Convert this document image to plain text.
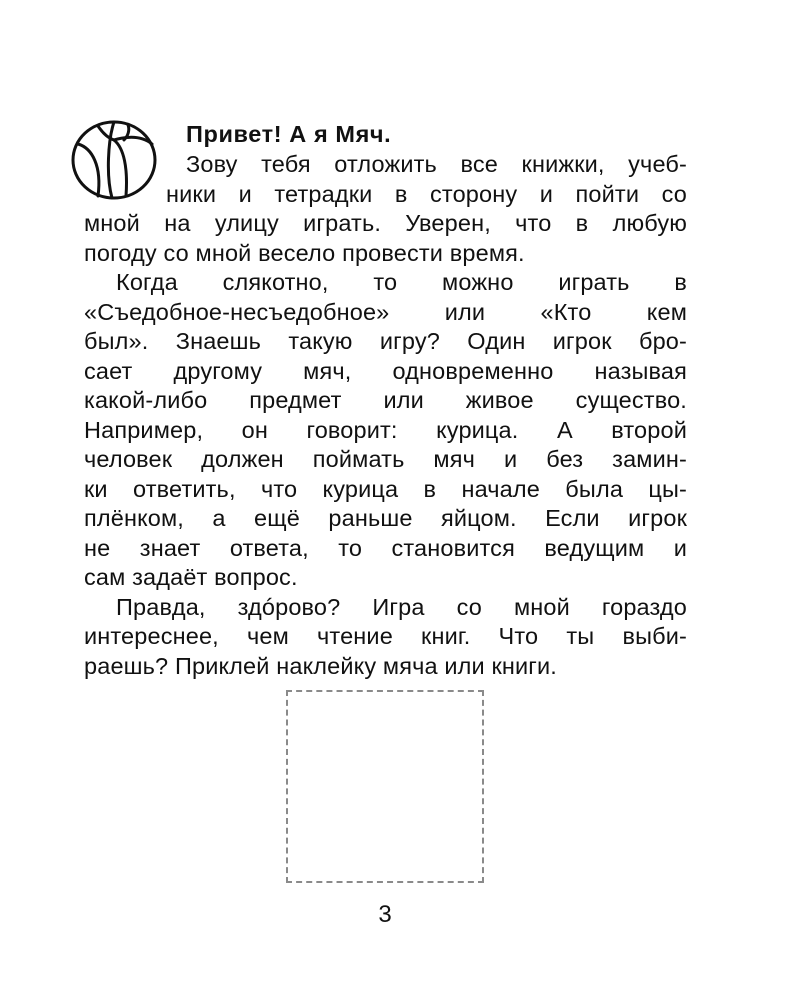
Привет! А я Мяч.
Зову тебя отложить все книжки, учеб-
ники и тетрадки в сторону и пойти со
мной на улицу играть. Уверен, что в любую
погоду со мной весело провести время.
Когда слякотно, то можно играть в
«Съедобное-несъедобное» или «Кто кем
был». Знаешь такую игру? Один игрок бро-
сает другому мяч, одновременно называя
какой-либо предмет или живое существо.
Например, он говорит: курица. А второй
человек должен поймать мяч и без замин-
ки ответить, что курица в начале была цы-
плёнком, а ещё раньше яйцом. Если игрок
не знает ответа, то становится ведущим и
сам задаёт вопрос.
Правда, здóрово? Игра со мной гораздо
интереснее, чем чтение книг. Что ты выби-
раешь? Приклей наклейку мяча или книги.
3
